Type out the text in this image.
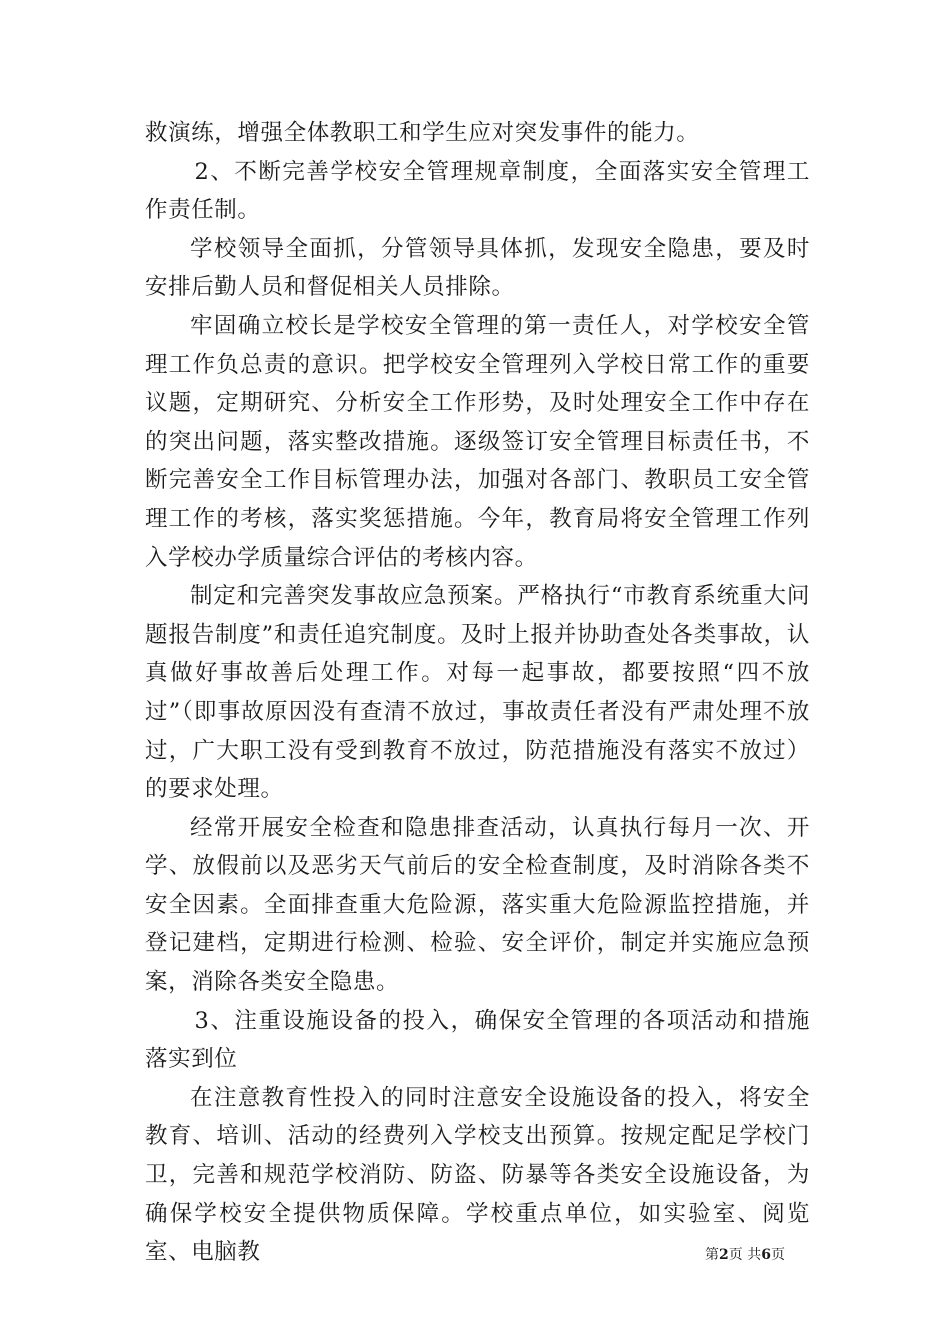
救演练，增强全体教职工和学生应对突发事件的能力。

2、不断完善学校安全管理规章制度，全面落实安全管理工作责任制。

学校领导全面抓，分管领导具体抓，发现安全隐患，要及时安排后勤人员和督促相关人员排除。

牢固确立校长是学校安全管理的第一责任人，对学校安全管理工作负总责的意识。把学校安全管理列入学校日常工作的重要议题，定期研究、分析安全工作形势，及时处理安全工作中存在的突出问题，落实整改措施。逐级签订安全管理目标责任书，不断完善安全工作目标管理办法，加强对各部门、教职员工安全管理工作的考核，落实奖惩措施。今年，教育局将安全管理工作列入学校办学质量综合评估的考核内容。

制定和完善突发事故应急预案。严格执行“市教育系统重大问题报告制度”和责任追究制度。及时上报并协助查处各类事故，认真做好事故善后处理工作。对每一起事故，都要按照“四不放过”（即事故原因没有查清不放过，事故责任者没有严肃处理不放过，广大职工没有受到教育不放过，防范措施没有落实不放过）的要求处理。

经常开展安全检查和隐患排查活动，认真执行每月一次、开学、放假前以及恶劣天气前后的安全检查制度，及时消除各类不安全因素。全面排查重大危险源，落实重大危险源监控措施，并登记建档，定期进行检测、检验、安全评价，制定并实施应急预案，消除各类安全隐患。

3、注重设施设备的投入，确保安全管理的各项活动和措施落实到位

在注意教育性投入的同时注意安全设施设备的投入，将安全教育、培训、活动的经费列入学校支出预算。按规定配足学校门卫，完善和规范学校消防、防盗、防暴等各类安全设施设备，为确保学校安全提供物质保障。学校重点单位，如实验室、阅览室、电脑教	第2页 共6页
